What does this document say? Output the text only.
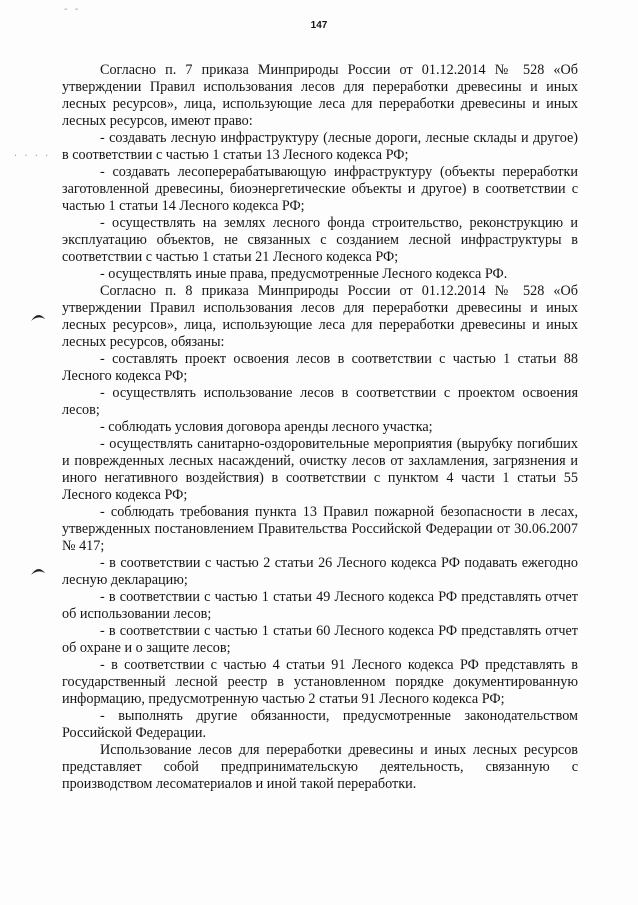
- -
. . . .
147

Согласно п. 7 приказа Минприроды России от 01.12.2014 № 528 «Об утверждении Правил использования лесов для переработки древесины и иных лесных ресурсов», лица, использующие леса для переработки древесины и иных лесных ресурсов, имеют право:

- создавать лесную инфраструктуру (лесные дороги, лесные склады и другое) в соответствии с частью 1 статьи 13 Лесного кодекса РФ;

- создавать лесоперерабатывающую инфраструктуру (объекты переработки заготовленной древесины, биоэнергетические объекты и другое) в соответствии с частью 1 статьи 14 Лесного кодекса РФ;

- осуществлять на землях лесного фонда строительство, реконструкцию и эксплуатацию объектов, не связанных с созданием лесной инфраструктуры в соответствии с частью 1 статьи 21 Лесного кодекса РФ;

- осуществлять иные права, предусмотренные Лесного кодекса РФ.

Согласно п. 8 приказа Минприроды России от 01.12.2014 № 528 «Об утверждении Правил использования лесов для переработки древесины и иных лесных ресурсов», лица, использующие леса для переработки древесины и иных лесных ресурсов, обязаны:

- составлять проект освоения лесов в соответствии с частью 1 статьи 88 Лесного кодекса РФ;

- осуществлять использование лесов в соответствии с проектом освоения лесов;

- соблюдать условия договора аренды лесного участка;

- осуществлять санитарно-оздоровительные мероприятия (вырубку погибших и поврежденных лесных насаждений, очистку лесов от захламления, загрязнения и иного негативного воздействия) в соответствии с пунктом 4 части 1 статьи 55 Лесного кодекса РФ;

- соблюдать требования пункта 13 Правил пожарной безопасности в лесах, утвержденных постановлением Правительства Российской Федерации от 30.06.2007 № 417;

- в соответствии с частью 2 статьи 26 Лесного кодекса РФ подавать ежегодно лесную декларацию;

- в соответствии с частью 1 статьи 49 Лесного кодекса РФ представлять отчет об использовании лесов;

- в соответствии с частью 1 статьи 60 Лесного кодекса РФ представлять отчет об охране и о защите лесов;

- в соответствии с частью 4 статьи 91 Лесного кодекса РФ представлять в государственный лесной реестр в установленном порядке документированную информацию, предусмотренную частью 2 статьи 91 Лесного кодекса РФ;

- выполнять другие обязанности, предусмотренные законодательством Российской Федерации.

Использование лесов для переработки древесины и иных лесных ресурсов представляет собой предпринимательскую деятельность, связанную с производством лесоматериалов и иной такой переработки.
